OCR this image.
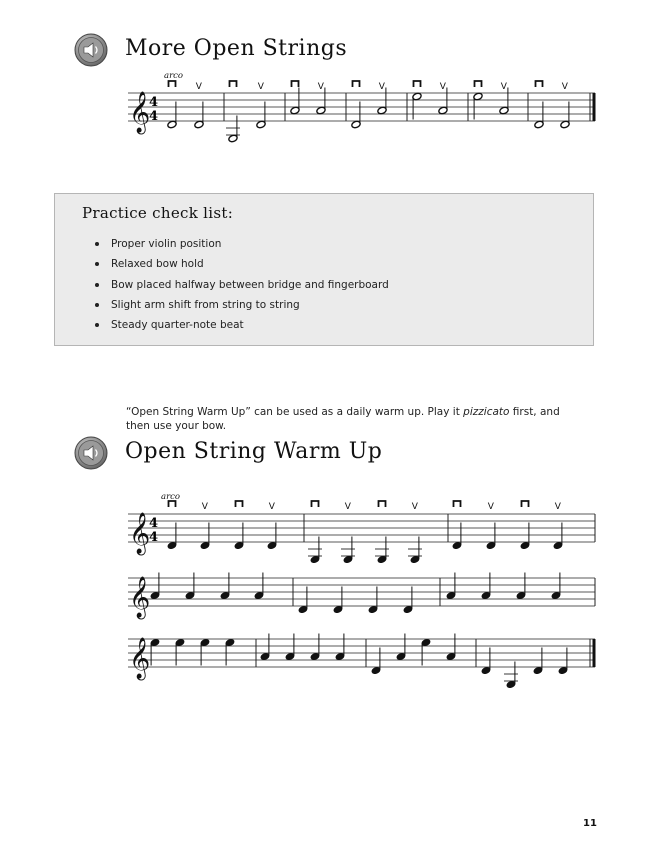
More Open Strings
𝄞
4
4
V	V	V	V	V	V	V
arco
Practice check list:
Proper violin position
Relaxed bow hold
Bow placed halfway between bridge and fingerboard
Slight arm shift from string to string
Steady quarter-note beat

“Open String Warm Up” can be used as a daily warm up. Play it pizzicato first, and then use your bow.

Open String Warm Up
𝄞
4
4
V	V	V	V	V	V
𝄞
𝄞
arco
11
